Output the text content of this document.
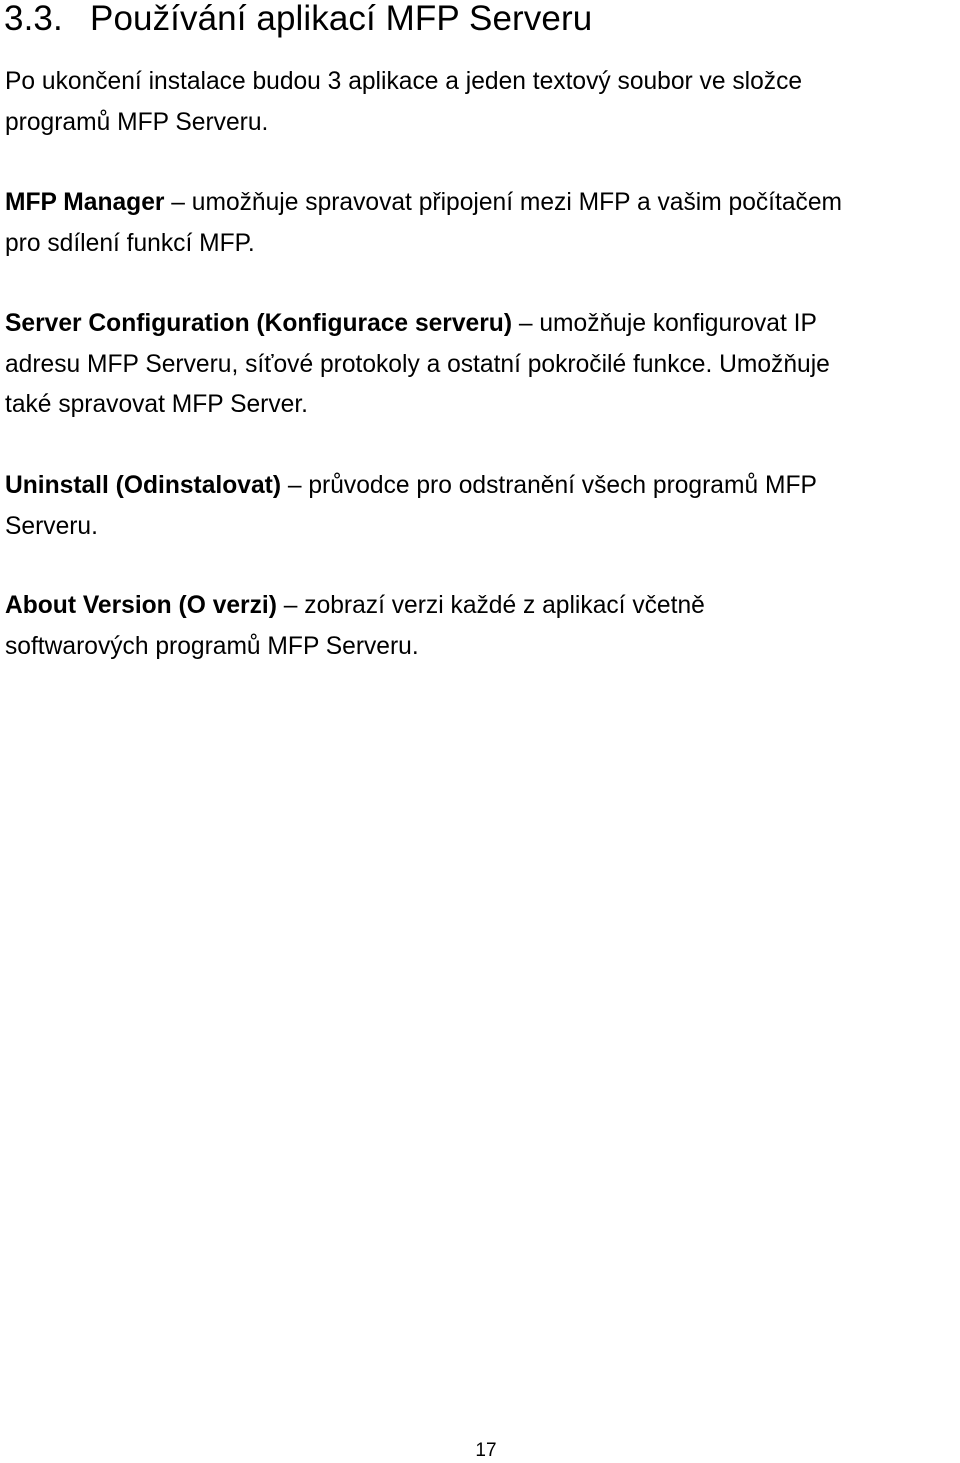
3.3. Používání aplikací MFP Serveru

Po ukončení instalace budou 3 aplikace a jeden textový soubor ve složce
programů MFP Serveru.

MFP Manager – umožňuje spravovat připojení mezi MFP a vašim počítačem
pro sdílení funkcí MFP.

Server Configuration (Konfigurace serveru) – umožňuje konfigurovat IP
adresu MFP Serveru, síťové protokoly a ostatní pokročilé funkce. Umožňuje
také spravovat MFP Server.

Uninstall (Odinstalovat) – průvodce pro odstranění všech programů MFP
Serveru.

About Version (O verzi) – zobrazí verzi každé z aplikací včetně
softwarových programů MFP Serveru.

17
